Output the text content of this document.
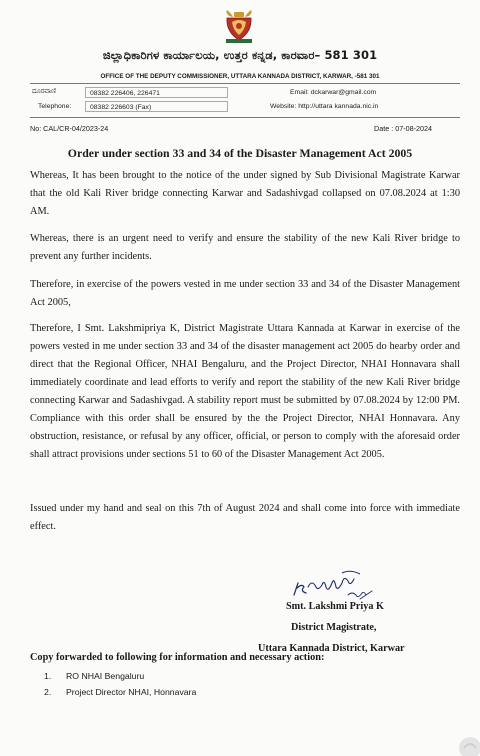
ಜಿಲ್ಲಾಧಿಕಾರಿಗಳ ಕಾರ್ಯಾಲಯ, ಉತ್ತರ ಕನ್ನಡ, ಕಾರವಾರ– 581 301
OFFICE OF THE DEPUTY COMMISSIONER, UTTARA KANNADA DISTRICT, KARWAR, -581 301
ದೂರವಾಣಿ	08382 226406, 226471	Email: dckarwar@gmail.com
Telephone:	08382 226603 (Fax)	Website: http://uttara kannada.nic.in
No: CAL/CR-04/2023-24	Date : 07-08-2024
Order under section 33 and 34 of the Disaster Management Act 2005

Whereas, It has been brought to the notice of the under signed by Sub Divisional Magistrate Karwar that the old Kali River bridge connecting Karwar and Sadashivgad collapsed on 07.08.2024 at 1:30 AM.

Whereas, there is an urgent need to verify and ensure the stability of the new Kali River bridge to prevent any further incidents.

Therefore, in exercise of the powers vested in me under section 33 and 34 of the Disaster Management Act 2005,

Therefore, I Smt. Lakshmipriya K, District Magistrate Uttara Kannada at Karwar in exercise of the powers vested in me under section 33 and 34 of the disaster management act 2005 do hearby order and direct that the Regional Officer, NHAI Bengaluru, and the Project Director, NHAI Honnavara shall immediately coordinate and lead efforts to verify and report the stability of the new Kali River bridge connecting Karwar and Sadashivgad. A stability report must be submitted by 07.08.2024 by 12:00 PM. Compliance with this order shall be ensured by the the Project Director, NHAI Honnavara. Any obstruction, resistance, or refusal by any officer, official, or person to comply with the aforesaid order shall attract provisions under sections 51 to 60 of the Disaster Management Act 2005.

Issued under my hand and seal on this 7th of August 2024 and shall come into force with immediate effect.

Smt. Lakshmi Priya K
District Magistrate,
Uttara Kannada District, Karwar
Copy forwarded to following for information and necessary action:
1.	RO NHAI Bengaluru
2.	Project Director NHAI, Honnavara
